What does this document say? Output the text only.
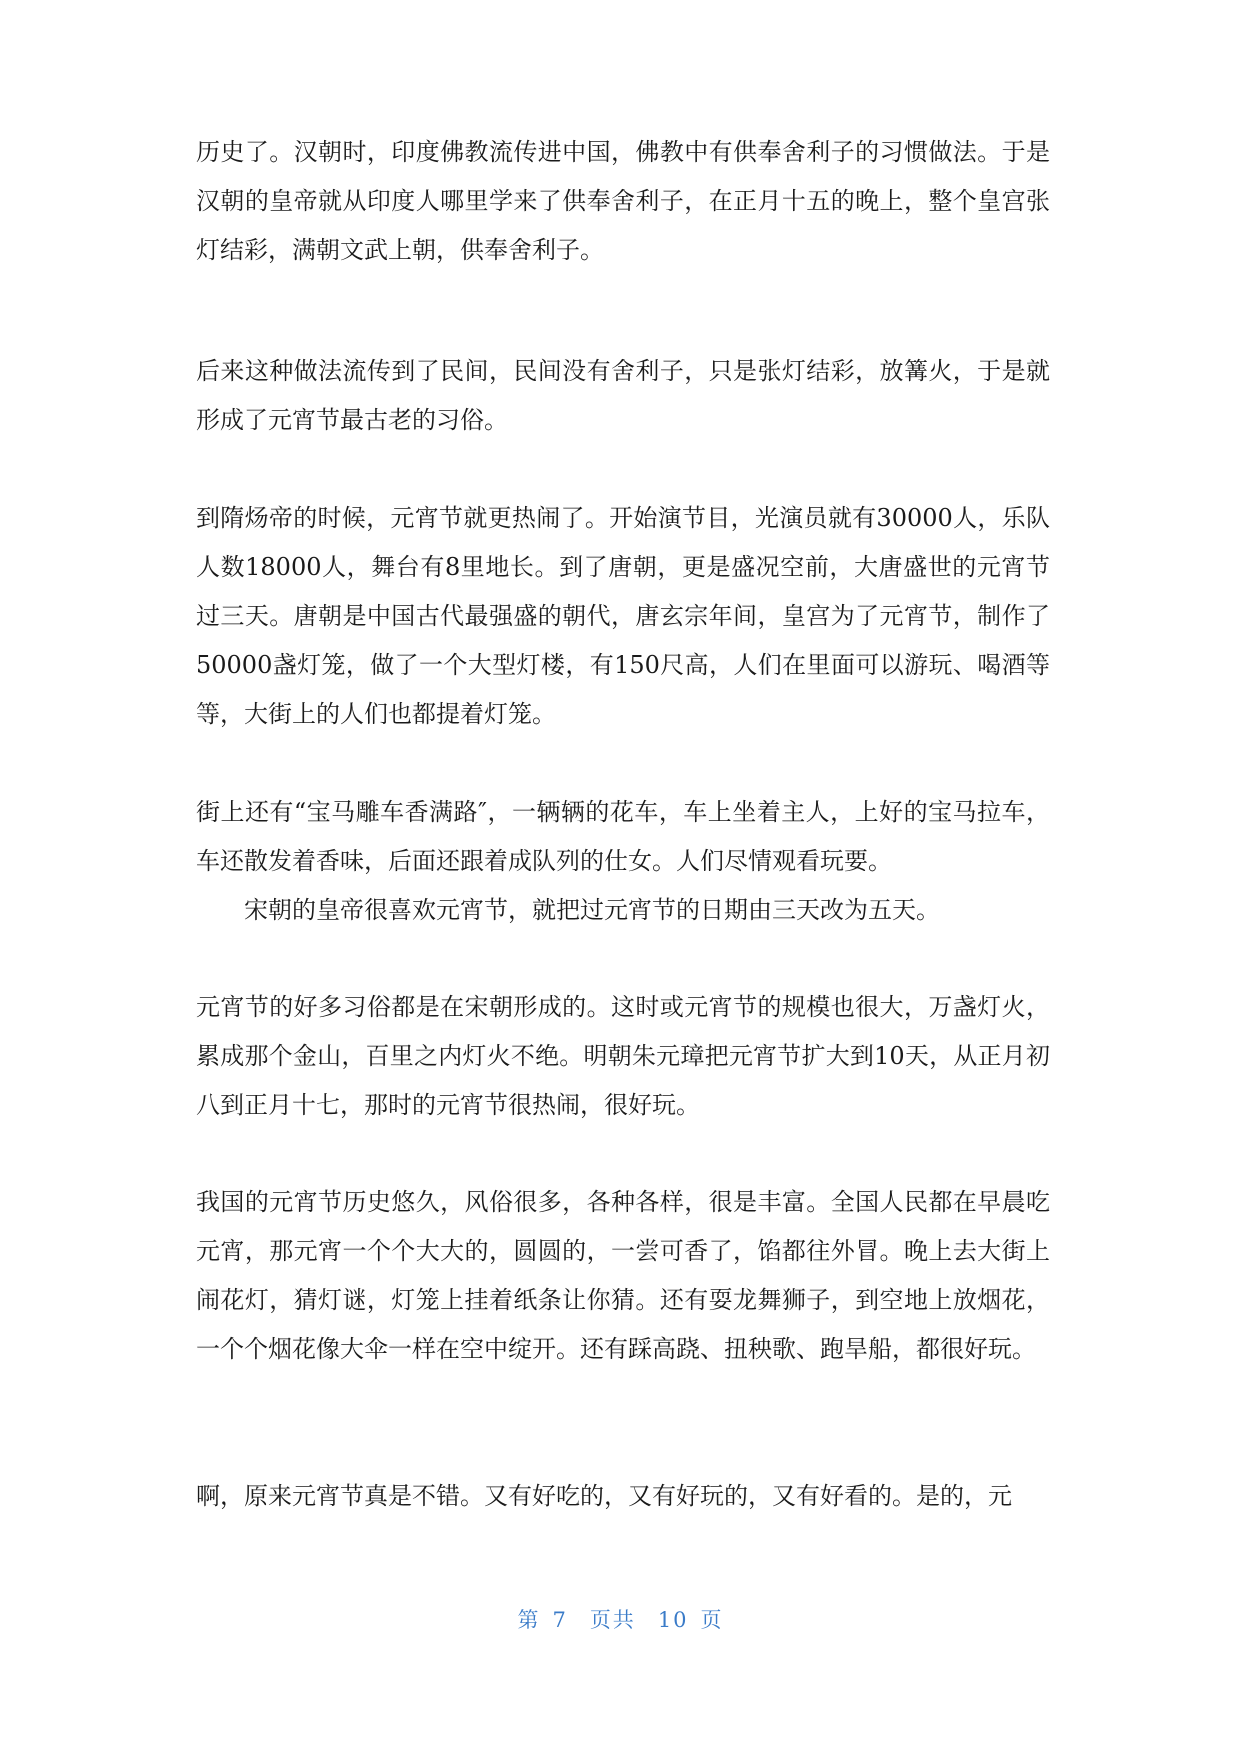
历史了。汉朝时，印度佛教流传进中国，佛教中有供奉舍利子的习惯做法。于是汉朝的皇帝就从印度人哪里学来了供奉舍利子，在正月十五的晚上，整个皇宫张灯结彩，满朝文武上朝，供奉舍利子。

后来这种做法流传到了民间，民间没有舍利子，只是张灯结彩，放篝火，于是就形成了元宵节最古老的习俗。

到隋炀帝的时候，元宵节就更热闹了。开始演节目，光演员就有30000人，乐队人数18000人，舞台有8里地长。到了唐朝，更是盛况空前，大唐盛世的元宵节过三天。唐朝是中国古代最强盛的朝代，唐玄宗年间，皇宫为了元宵节，制作了50000盏灯笼，做了一个大型灯楼，有150尺高，人们在里面可以游玩、喝酒等等，大街上的人们也都提着灯笼。

街上还有“宝马雕车香满路″，一辆辆的花车，车上坐着主人，上好的宝马拉车，车还散发着香味，后面还跟着成队列的仕女。人们尽情观看玩要。

宋朝的皇帝很喜欢元宵节，就把过元宵节的日期由三天改为五天。

元宵节的好多习俗都是在宋朝形成的。这时或元宵节的规模也很大，万盏灯火，累成那个金山，百里之内灯火不绝。明朝朱元璋把元宵节扩大到10天，从正月初八到正月十七，那时的元宵节很热闹，很好玩。

我国的元宵节历史悠久，风俗很多，各种各样，很是丰富。全国人民都在早晨吃元宵，那元宵一个个大大的，圆圆的，一尝可香了，馅都往外冒。晚上去大街上闹花灯，猜灯谜，灯笼上挂着纸条让你猜。还有耍龙舞狮子，到空地上放烟花，一个个烟花像大伞一样在空中绽开。还有踩高跷、扭秧歌、跑旱船，都很好玩。

啊，原来元宵节真是不错。又有好吃的，又有好玩的，又有好看的。是的，元

第 7 页共 10 页
